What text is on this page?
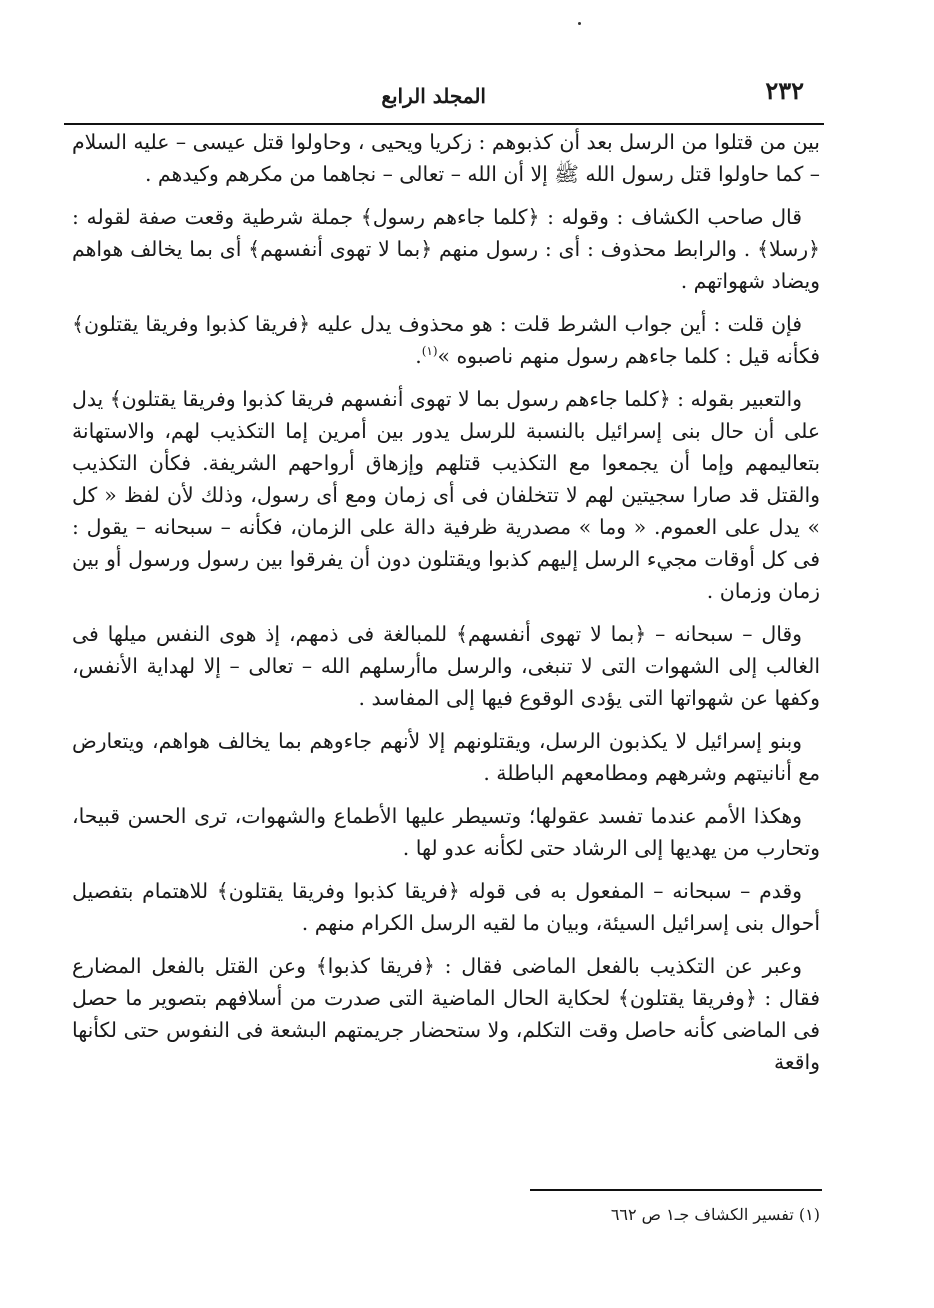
٢٣٢
المجلد الرابع

بين من قتلوا من الرسل بعد أن كذبوهم : زكريا ويحيى ، وحاولوا قتل عيسى – عليه السلام – كما حاولوا قتل رسول الله ﷺ إلا أن الله – تعالى – نجاهما من مكرهم وكيدهم .

قال صاحب الكشاف : وقوله : ﴿كلما جاءهم رسول﴾ جملة شرطية وقعت صفة لقوله : ﴿رسلا﴾ . والرابط محذوف : أى : رسول منهم ﴿بما لا تهوى أنفسهم﴾ أى بما يخالف هواهم ويضاد شهواتهم .

فإن قلت : أين جواب الشرط قلت : هو محذوف يدل عليه ﴿فريقا كذبوا وفريقا يقتلون﴾ فكأنه قيل : كلما جاءهم رسول منهم ناصبوه »$^{(١)}$.

والتعبير بقوله : ﴿كلما جاءهم رسول بما لا تهوى أنفسهم فريقا كذبوا وفريقا يقتلون﴾ يدل على أن حال بنى إسرائيل بالنسبة للرسل يدور بين أمرين إما التكذيب لهم، والاستهانة بتعاليمهم وإما أن يجمعوا مع التكذيب قتلهم وإزهاق أرواحهم الشريفة. فكأن التكذيب والقتل قد صارا سجيتين لهم لا تتخلفان فى أى زمان ومع أى رسول، وذلك لأن لفظ « كل » يدل على العموم. « وما » مصدرية ظرفية دالة على الزمان، فكأنه – سبحانه – يقول : فى كل أوقات مجيء الرسل إليهم كذبوا ويقتلون دون أن يفرقوا بين رسول ورسول أو بين زمان وزمان .

وقال – سبحانه – ﴿بما لا تهوى أنفسهم﴾ للمبالغة فى ذمهم، إذ هوى النفس ميلها فى الغالب إلى الشهوات التى لا تنبغى، والرسل ماأرسلهم الله – تعالى – إلا لهداية الأنفس، وكفها عن شهواتها التى يؤدى الوقوع فيها إلى المفاسد .

وبنو إسرائيل لا يكذبون الرسل، ويقتلونهم إلا لأنهم جاءوهم بما يخالف هواهم، ويتعارض مع أنانيتهم وشرههم ومطامعهم الباطلة .

وهكذا الأمم عندما تفسد عقولها؛ وتسيطر عليها الأطماع والشهوات، ترى الحسن قبيحا، وتحارب من يهديها إلى الرشاد حتى لكأنه عدو لها .

وقدم – سبحانه – المفعول به فى قوله ﴿فريقا كذبوا وفريقا يقتلون﴾ للاهتمام بتفصيل أحوال بنى إسرائيل السيئة، وبيان ما لقيه الرسل الكرام منهم .

وعبر عن التكذيب بالفعل الماضى فقال : ﴿فريقا كذبوا﴾ وعن القتل بالفعل المضارع فقال : ﴿وفريقا يقتلون﴾ لحكاية الحال الماضية التى صدرت من أسلافهم بتصوير ما حصل فى الماضى كأنه حاصل وقت التكلم، ولا ستحضار جريمتهم البشعة فى النفوس حتى لكأنها واقعة

(١) تفسير الكشاف جـ١ ص ٦٦٢
